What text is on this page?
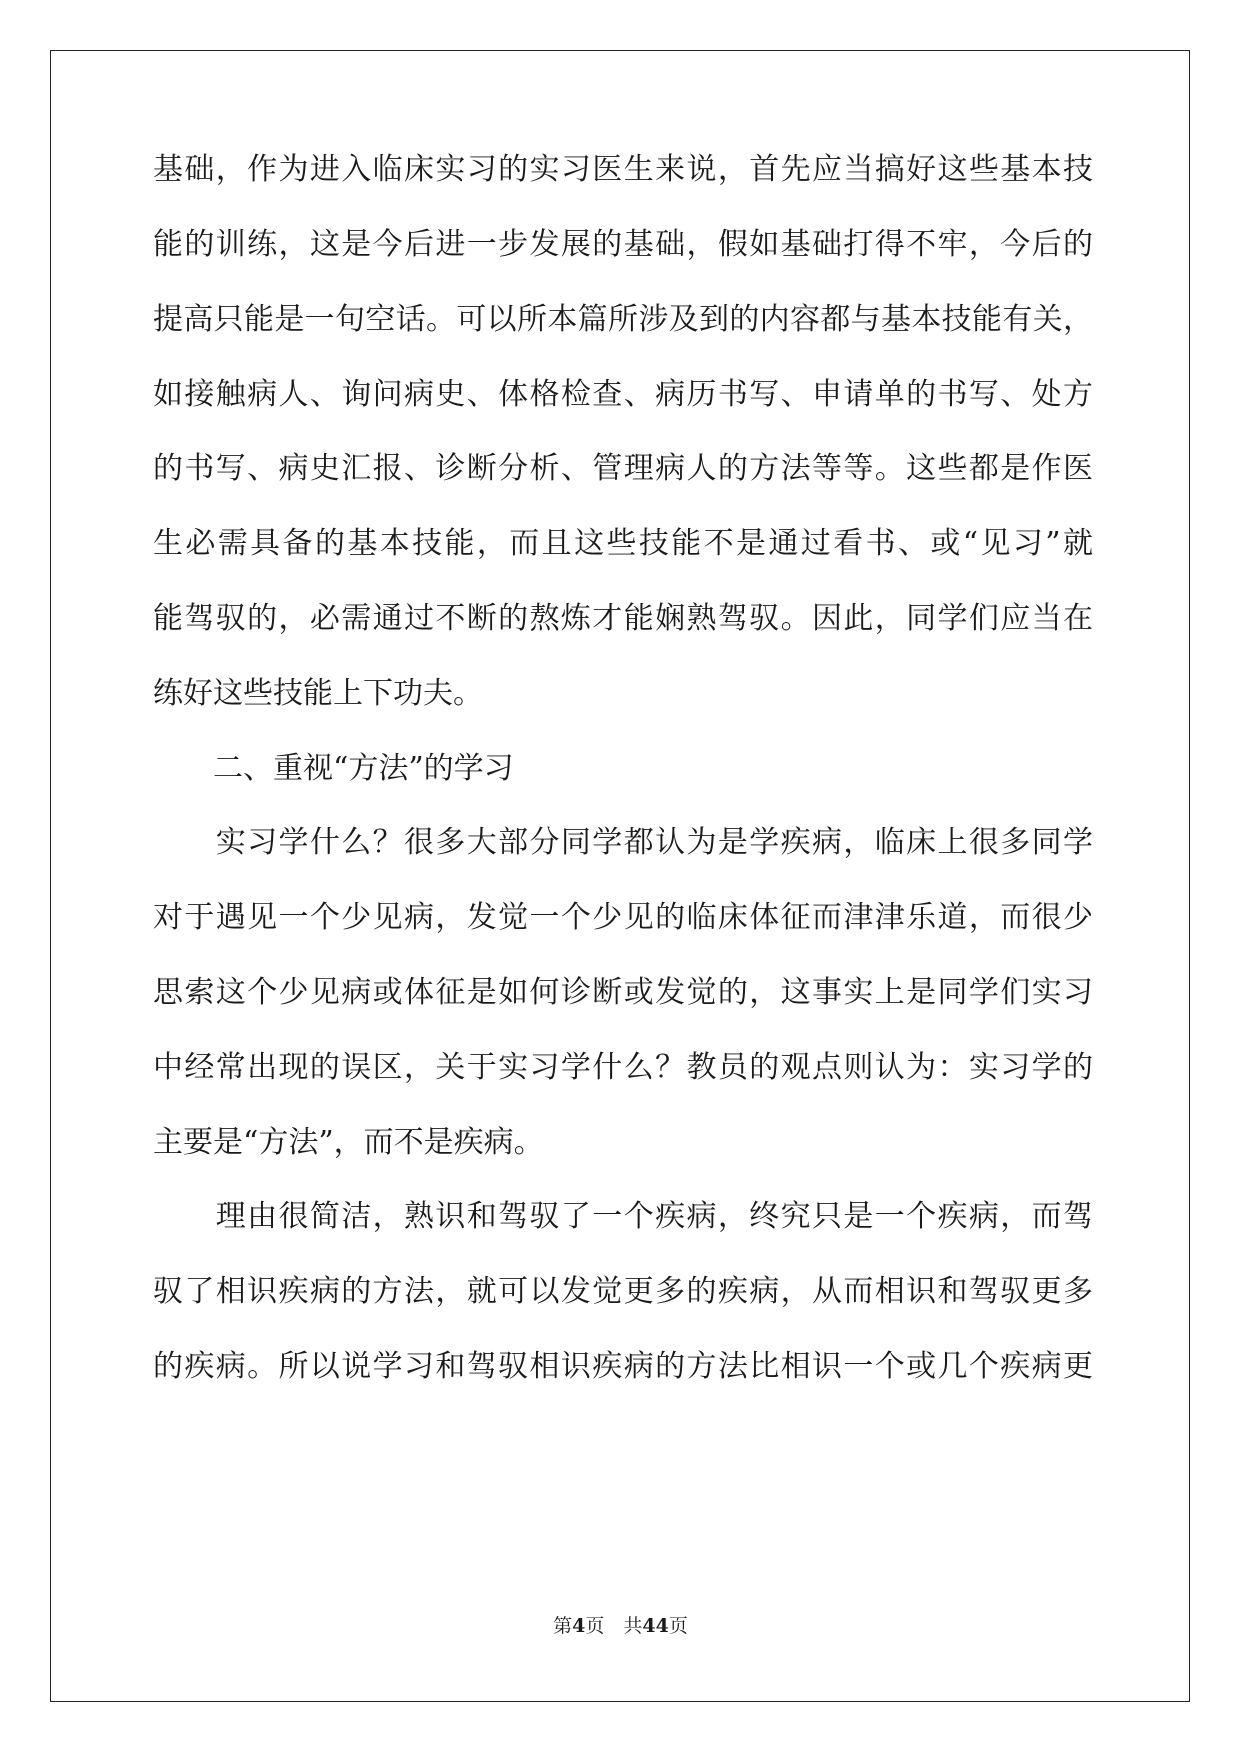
基础，作为进入临床实习的实习医生来说，首先应当搞好这些基本技
能的训练，这是今后进一步发展的基础，假如基础打得不牢，今后的
提高只能是一句空话。可以所本篇所涉及到的内容都与基本技能有关，
如接触病人、询问病史、体格检查、病历书写、申请单的书写、处方
的书写、病史汇报、诊断分析、管理病人的方法等等。这些都是作医
生必需具备的基本技能，而且这些技能不是通过看书、或“见习”就
能驾驭的，必需通过不断的熬炼才能娴熟驾驭。因此，同学们应当在
练好这些技能上下功夫。
　　二、重视“方法”的学习
　　实习学什么？很多大部分同学都认为是学疾病，临床上很多同学
对于遇见一个少见病，发觉一个少见的临床体征而津津乐道，而很少
思索这个少见病或体征是如何诊断或发觉的，这事实上是同学们实习
中经常出现的误区，关于实习学什么？教员的观点则认为：实习学的
主要是“方法”，而不是疾病。
　　理由很简洁，熟识和驾驭了一个疾病，终究只是一个疾病，而驾
驭了相识疾病的方法，就可以发觉更多的疾病，从而相识和驾驭更多
的疾病。所以说学习和驾驭相识疾病的方法比相识一个或几个疾病更
第4页　 共44页
